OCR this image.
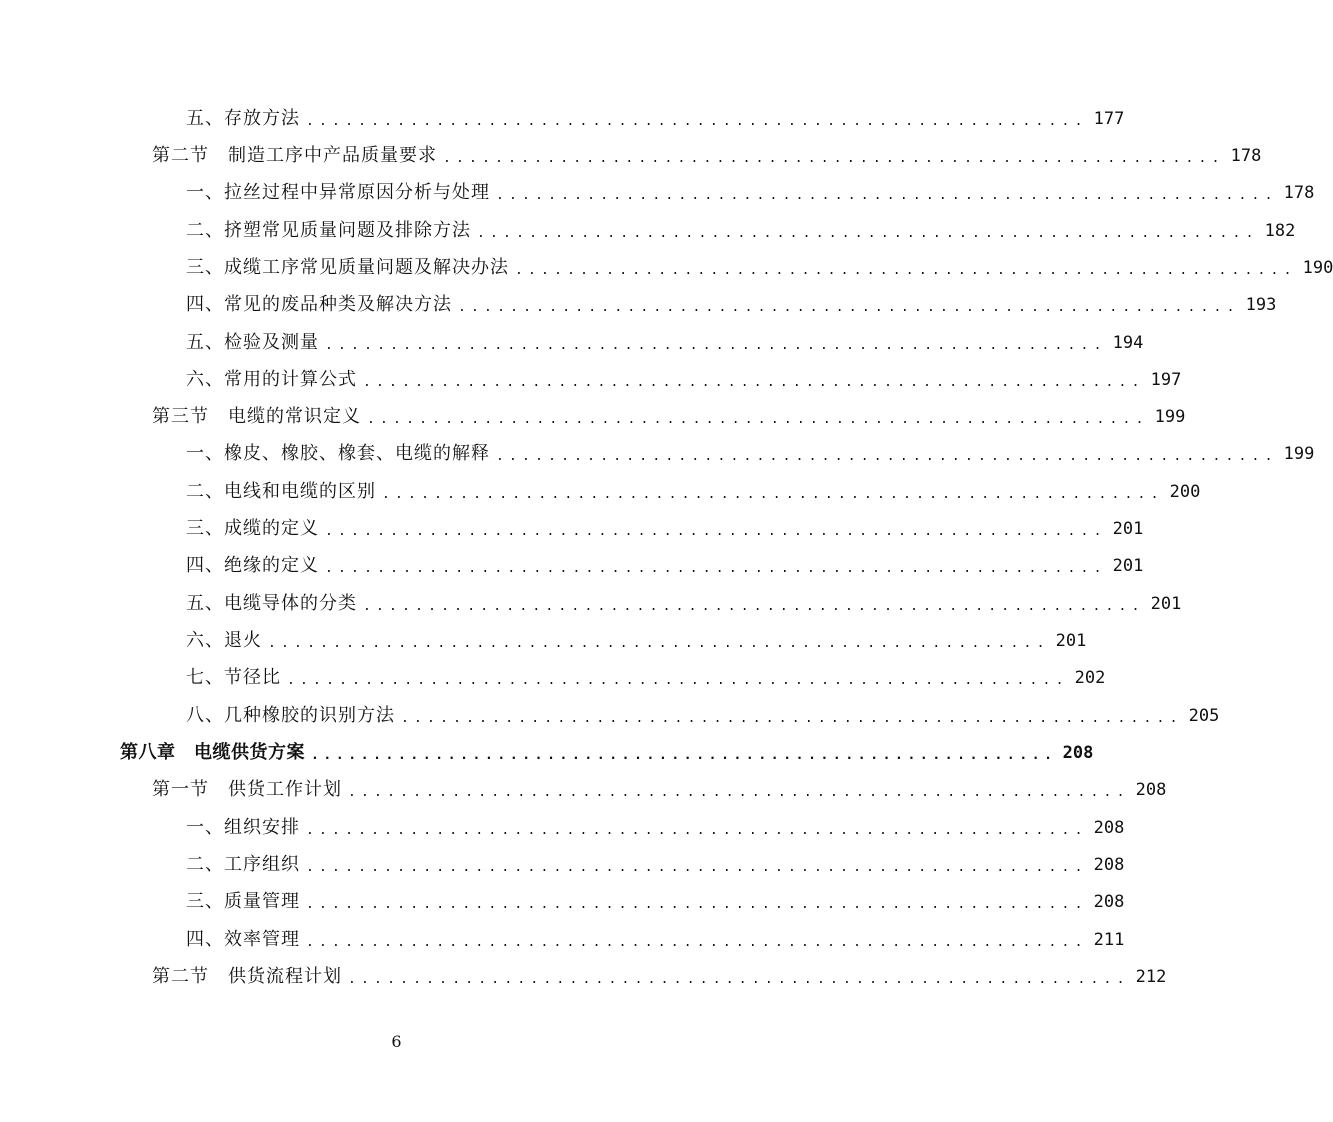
五、存放方法 ............................................................ 177
第二节　制造工序中产品质量要求 ............................................................ 178
一、拉丝过程中异常原因分析与处理 ............................................................ 178
二、挤塑常见质量问题及排除方法 ............................................................ 182
三、成缆工序常见质量问题及解决办法 ............................................................ 190
四、常见的废品种类及解决方法 ............................................................ 193
五、检验及测量 ............................................................ 194
六、常用的计算公式 ............................................................ 197
第三节　电缆的常识定义 ............................................................ 199
一、橡皮、橡胶、橡套、电缆的解释 ............................................................ 199
二、电线和电缆的区别 ............................................................ 200
三、成缆的定义 ............................................................ 201
四、绝缘的定义 ............................................................ 201
五、电缆导体的分类 ............................................................ 201
六、退火 ............................................................ 201
七、节径比 ............................................................ 202
八、几种橡胶的识别方法 ............................................................ 205
第八章　电缆供货方案 ............................................................ 208
第一节　供货工作计划 ............................................................ 208
一、组织安排 ............................................................ 208
二、工序组织 ............................................................ 208
三、质量管理 ............................................................ 208
四、效率管理 ............................................................ 211
第二节　供货流程计划 ............................................................ 212
6
